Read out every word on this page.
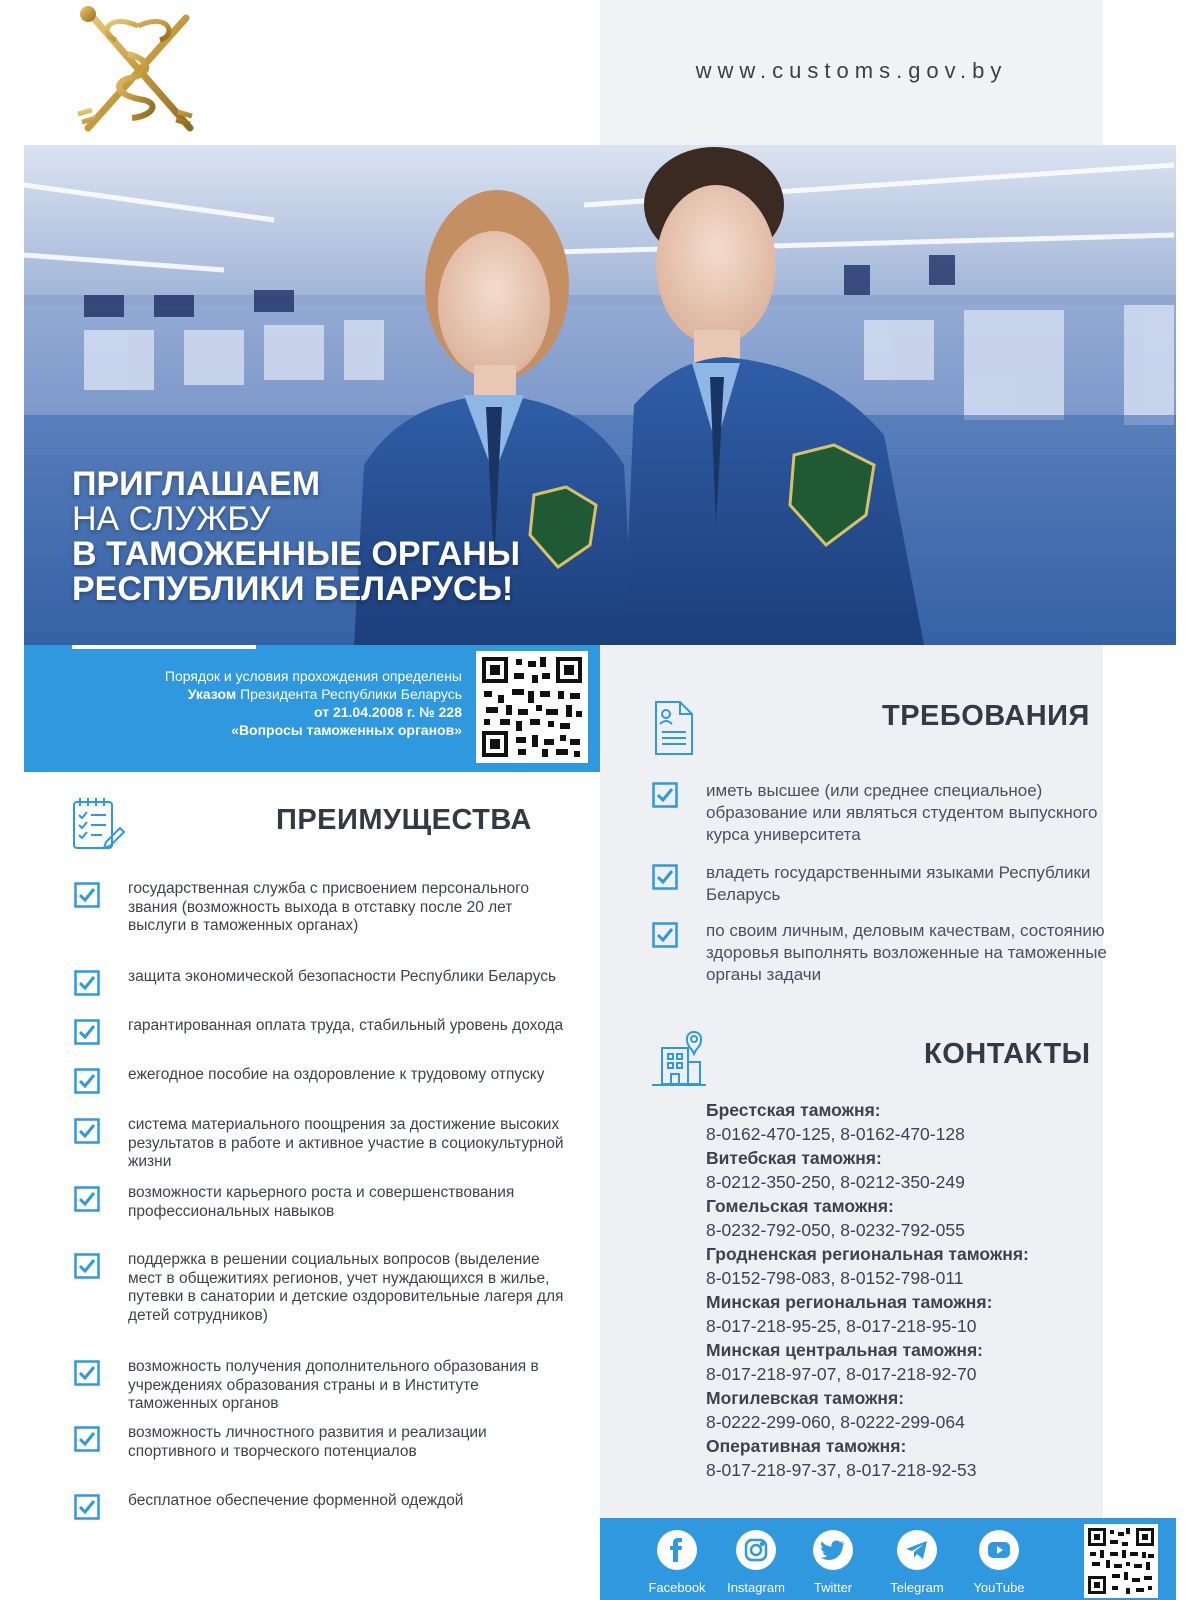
www.customs.gov.by
ПРИГЛАШАЕМ
НА СЛУЖБУ
В ТАМОЖЕННЫЕ ОРГАНЫ
РЕСПУБЛИКИ БЕЛАРУСЬ!
Порядок и условия прохождения определены
Указом Президента Республики Беларусь
от 21.04.2008 г. № 228
«Вопросы таможенных органов»
ПРЕИМУЩЕСТВА
государственная служба с присвоением персонального звания (возможность выхода в отставку после 20 лет выслуги в таможенных органах)
защита экономической безопасности Республики Беларусь
гарантированная оплата труда, стабильный уровень дохода
ежегодное пособие на оздоровление к трудовому отпуску
система материального поощрения за достижение высоких результатов в работе и активное участие в социокультурной жизни
возможности карьерного роста и совершенствования профессиональных навыков
поддержка в решении социальных вопросов (выделение мест в общежитиях регионов, учет нуждающихся в жилье, путевки в санатории и детские оздоровительные лагеря для детей сотрудников)
возможность получения дополнительного образования в учреждениях образования страны и в Институте таможенных органов
возможность личностного развития и реализации спортивного и творческого потенциалов
бесплатное обеспечение форменной одеждой
ТРЕБОВАНИЯ
иметь высшее (или среднее специальное) образование или являться студентом выпускного курса университета
владеть государственными языками Республики Беларусь
по своим личным, деловым качествам, состоянию здоровья выполнять возложенные на таможенные органы задачи
КОНТАКТЫ
Брестская таможня:
8-0162-470-125, 8-0162-470-128
Витебская таможня:
8-0212-350-250, 8-0212-350-249
Гомельская таможня:
8-0232-792-050, 8-0232-792-055
Гродненская региональная таможня:
8-0152-798-083, 8-0152-798-011
Минская региональная таможня:
8-017-218-95-25, 8-017-218-95-10
Минская центральная таможня:
8-017-218-97-07, 8-017-218-92-70
Могилевская таможня:
8-0222-299-060, 8-0222-299-064
Оперативная таможня:
8-017-218-97-37, 8-017-218-92-53
Facebook	Instagram	Twitter	Telegram	YouTube
